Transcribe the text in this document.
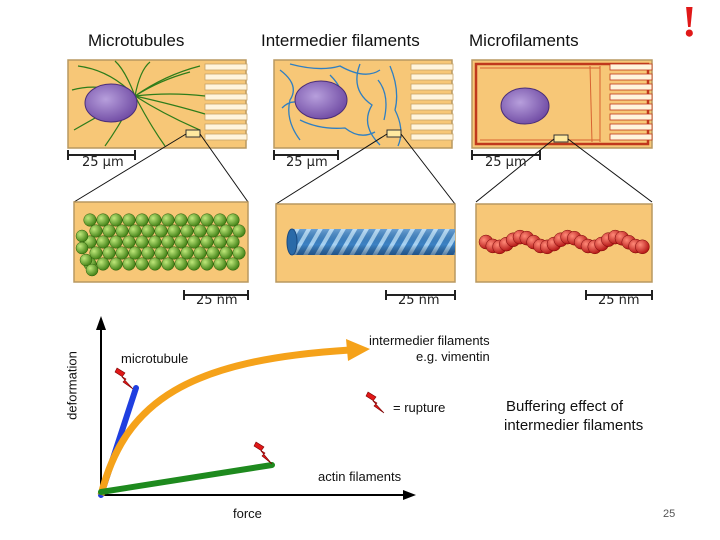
Microtubules	Intermedier filaments	Microfilaments !
25 µm	25 µm	25 µm
25 nm	25 nm	25 nm
deformation
force
microtubule
intermedier filaments
e.g. vimentin
= rupture
actin filaments
Buffering effect of
intermedier filaments
25
